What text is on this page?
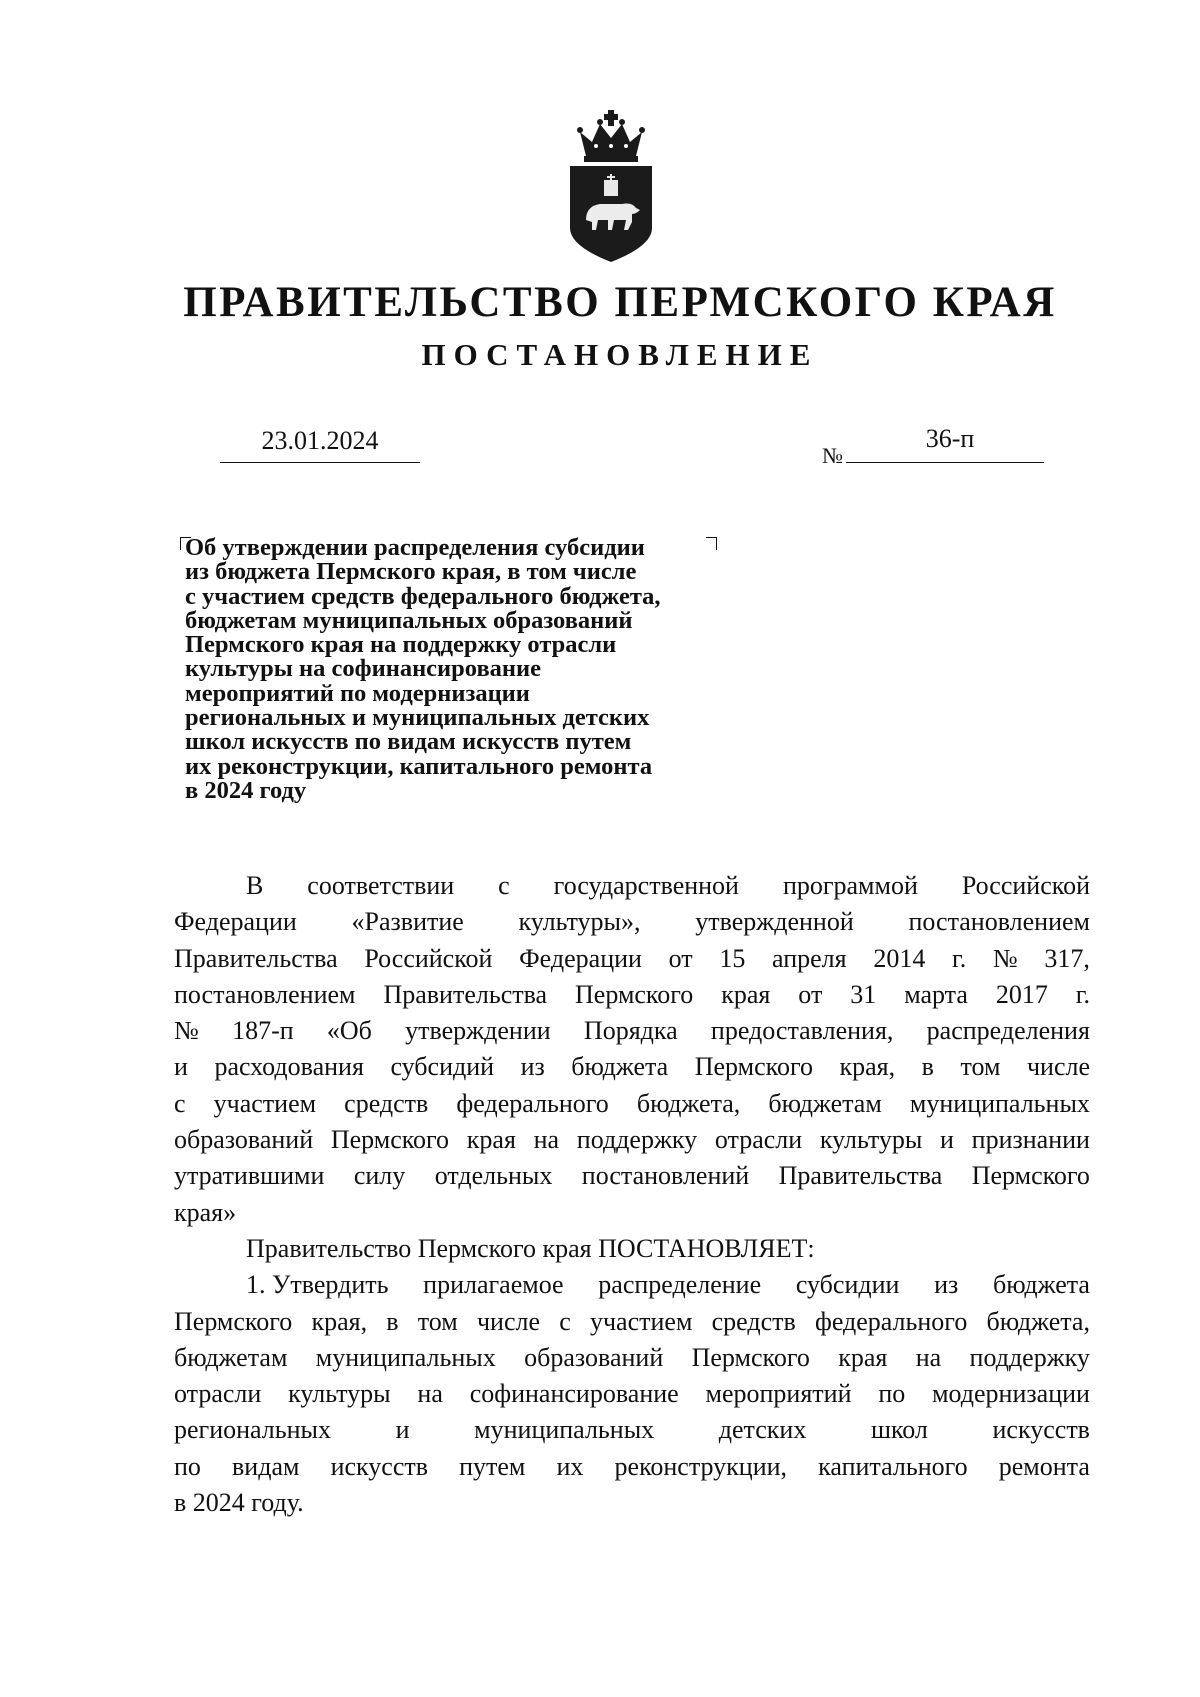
ПРАВИТЕЛЬСТВО ПЕРМСКОГО КРАЯ
ПОСТАНОВЛЕНИЕ
23.01.2024
№
36-п
Об утверждении распределения субсидии
из бюджета Пермского края, в том числе
с участием средств федерального бюджета,
бюджетам муниципальных образований
Пермского края на поддержку отрасли
культуры на софинансирование
мероприятий по модернизации
региональных и муниципальных детских
школ искусств по видам искусств путем
их реконструкции, капитального ремонта
в 2024 году
В соответствии с государственной программой Российской
Федерации «Развитие культуры», утвержденной постановлением
Правительства Российской Федерации от 15 апреля 2014 г. № 317,
постановлением Правительства Пермского края от 31 марта 2017 г.
№ 187-п «Об утверждении Порядка предоставления, распределения
и расходования субсидий из бюджета Пермского края, в том числе
с участием средств федерального бюджета, бюджетам муниципальных
образований Пермского края на поддержку отрасли культуры и признании
утратившими силу отдельных постановлений Правительства Пермского
края»
Правительство Пермского края ПОСТАНОВЛЯЕТ:
1. Утвердить прилагаемое распределение субсидии из бюджета
Пермского края, в том числе с участием средств федерального бюджета,
бюджетам муниципальных образований Пермского края на поддержку
отрасли культуры на софинансирование мероприятий по модернизации
региональных и муниципальных детских школ искусств
по видам искусств путем их реконструкции, капитального ремонта
в 2024 году.
